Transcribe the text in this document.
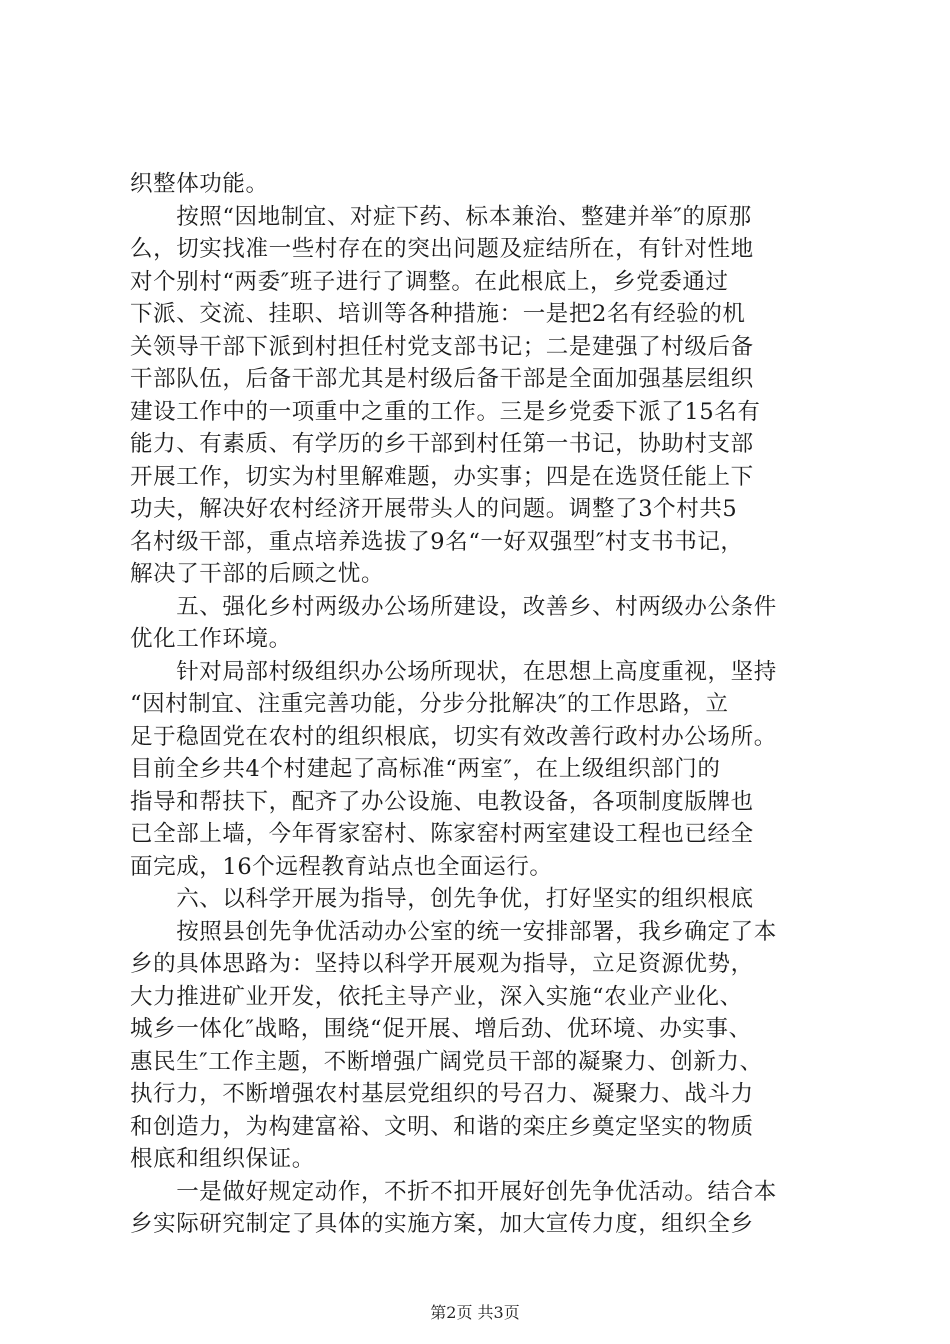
织整体功能。
　　按照“因地制宜、对症下药、标本兼治、整建并举″的原那
么，切实找准一些村存在的突出问题及症结所在，有针对性地
对个别村“两委″班子进行了调整。在此根底上，乡党委通过
下派、交流、挂职、培训等各种措施：一是把2名有经验的机
关领导干部下派到村担任村党支部书记；二是建强了村级后备
干部队伍，后备干部尤其是村级后备干部是全面加强基层组织
建设工作中的一项重中之重的工作。三是乡党委下派了15名有
能力、有素质、有学历的乡干部到村任第一书记，协助村支部
开展工作，切实为村里解难题，办实事；四是在选贤任能上下
功夫，解决好农村经济开展带头人的问题。调整了3个村共5
名村级干部，重点培养选拔了9名“一好双强型″村支书书记，
解决了干部的后顾之忧。
　　五、强化乡村两级办公场所建设，改善乡、村两级办公条件
优化工作环境。
　　针对局部村级组织办公场所现状，在思想上高度重视，坚持
“因村制宜、注重完善功能，分步分批解决″的工作思路，立
足于稳固党在农村的组织根底，切实有效改善行政村办公场所。
目前全乡共4个村建起了高标准“两室″，在上级组织部门的
指导和帮扶下，配齐了办公设施、电教设备，各项制度版牌也
已全部上墙，今年胥家窑村、陈家窑村两室建设工程也已经全
面完成，16个远程教育站点也全面运行。
　　六、以科学开展为指导，创先争优，打好坚实的组织根底
　　按照县创先争优活动办公室的统一安排部署，我乡确定了本
乡的具体思路为：坚持以科学开展观为指导，立足资源优势，
大力推进矿业开发，依托主导产业，深入实施“农业产业化、
城乡一体化″战略，围绕“促开展、增后劲、优环境、办实事、
惠民生″工作主题，不断增强广阔党员干部的凝聚力、创新力、
执行力，不断增强农村基层党组织的号召力、凝聚力、战斗力
和创造力，为构建富裕、文明、和谐的栾庄乡奠定坚实的物质
根底和组织保证。
　　一是做好规定动作，不折不扣开展好创先争优活动。结合本
乡实际研究制定了具体的实施方案，加大宣传力度，组织全乡
第2页 共3页
